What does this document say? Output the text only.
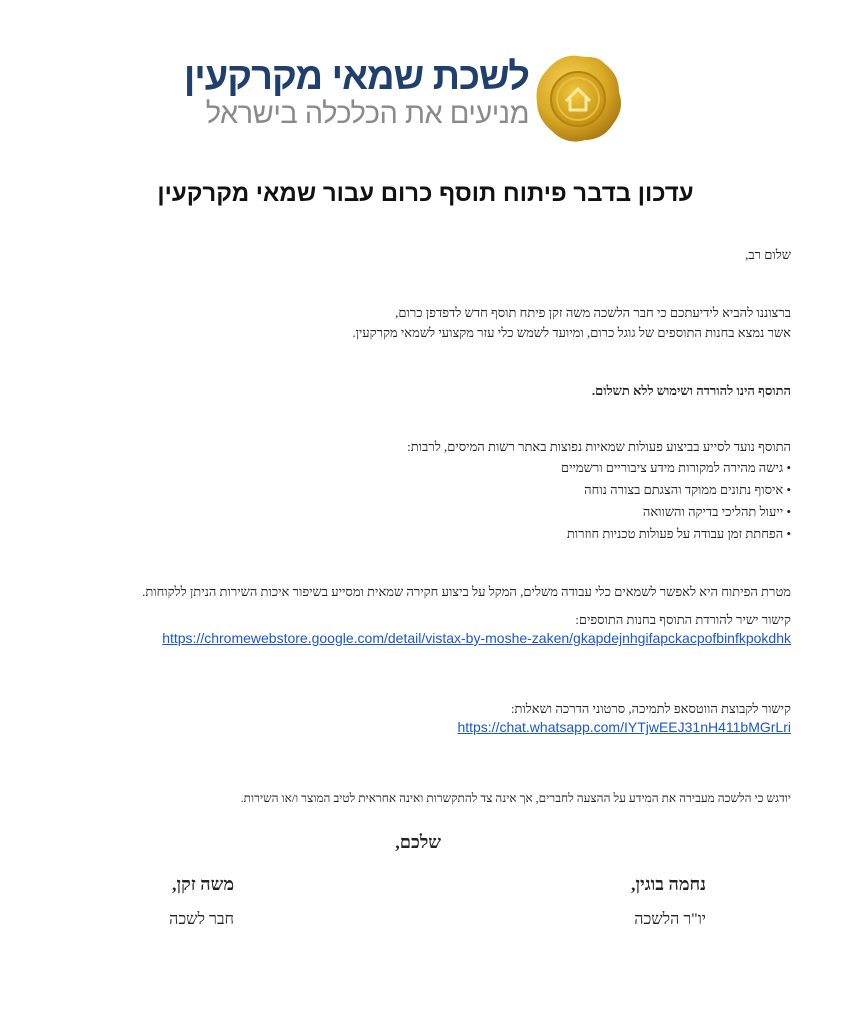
לשכת שמאי מקרקעין
מניעים את הכלכלה בישראל
עדכון בדבר פיתוח תוסף כרום עבור שמאי מקרקעין
שלום רב,
ברצוננו להביא לידיעתכם כי חבר הלשכה משה זקן פיתח תוסף חדש לדפדפן כרום,
אשר נמצא בחנות התוספים של גוגל כרום, ומיועד לשמש כלי עזר מקצועי לשמאי מקרקעין.
התוסף הינו להורדה ושימוש ללא תשלום.
התוסף נועד לסייע בביצוע פעולות שמאיות נפוצות באתר רשות המיסים, לרבות:
• גישה מהירה למקורות מידע ציבוריים ורשמיים
• איסוף נתונים ממוקד והצגתם בצורה נוחה
• ייעול תהליכי בדיקה והשוואה
• הפחתת זמן עבודה על פעולות טכניות חוזרות
מטרת הפיתוח היא לאפשר לשמאים כלי עבודה משלים, המקל על ביצוע חקירה שמאית ומסייע בשיפור איכות השירות הניתן ללקוחות.
קישור ישיר להורדת התוסף בחנות התוספים:
https://chromewebstore.google.com/detail/vistax-by-moshe-zaken/gkapdejnhgifapckacpofbinfkpokdhk
קישור לקבוצת הווטסאפ לתמיכה, סרטוני הדרכה ושאלות:
https://chat.whatsapp.com/IYTjwEEJ31nH411bMGrLri
יודגש כי הלשכה מעבירה את המידע על ההצעה לחברים, אך אינה צד להתקשרות ואינה אחראית לטיב המוצר ו/או השירות.
שלכם,
נחמה בוגין,
יו"ר הלשכה
משה זקן,
חבר לשכה
